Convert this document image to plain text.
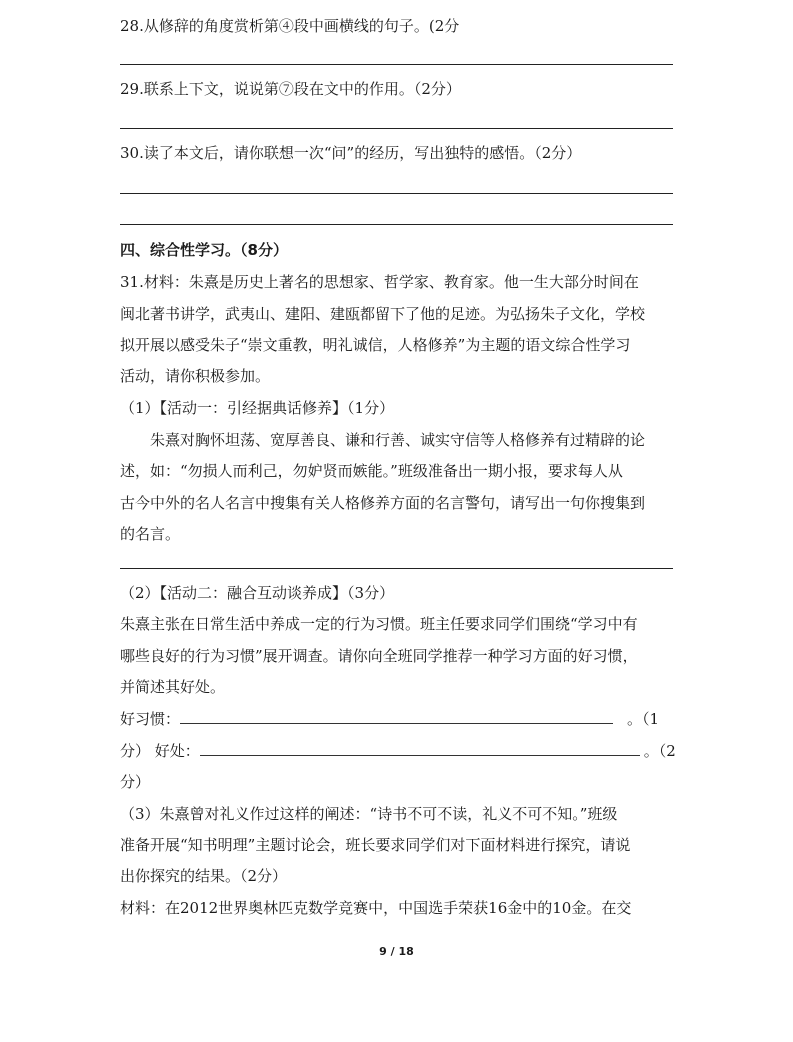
28.从修辞的角度赏析第④段中画横线的句子。(2分
29.联系上下文，说说第⑦段在文中的作用。（2分）
30.读了本文后，请你联想一次“问”的经历，写出独特的感悟。（2分）
四、综合性学习。（8分）
31.材料：朱熹是历史上著名的思想家、哲学家、教育家。他一生大部分时间在
闽北著书讲学，武夷山、建阳、建瓯都留下了他的足迹。为弘扬朱子文化，学校
拟开展以感受朱子“崇文重教，明礼诚信，人格修养”为主题的语文综合性学习
活动，请你积极参加。
（1）【活动一：引经据典话修养】（1分）
朱熹对胸怀坦荡、宽厚善良、谦和行善、诚实守信等人格修养有过精辟的论
述，如：“勿损人而利己，勿妒贤而嫉能。”班级准备出一期小报，要求每人从
古今中外的名人名言中搜集有关人格修养方面的名言警句，请写出一句你搜集到
的名言。
（2）【活动二：融合互动谈养成】（3分）
朱熹主张在日常生活中养成一定的行为习惯。班主任要求同学们围绕“学习中有
哪些良好的行为习惯”展开调查。请你向全班同学推荐一种学习方面的好习惯，
并简述其好处。
好习惯：	。（1
分） 好处：	。（2
分）
（3）朱熹曾对礼义作过这样的阐述：“诗书不可不读，礼义不可不知。”班级
准备开展“知书明理”主题讨论会，班长要求同学们对下面材料进行探究，请说
出你探究的结果。（2分）
材料：在2012世界奥林匹克数学竞赛中，中国选手荣获16金中的10金。在交
9 / 18
